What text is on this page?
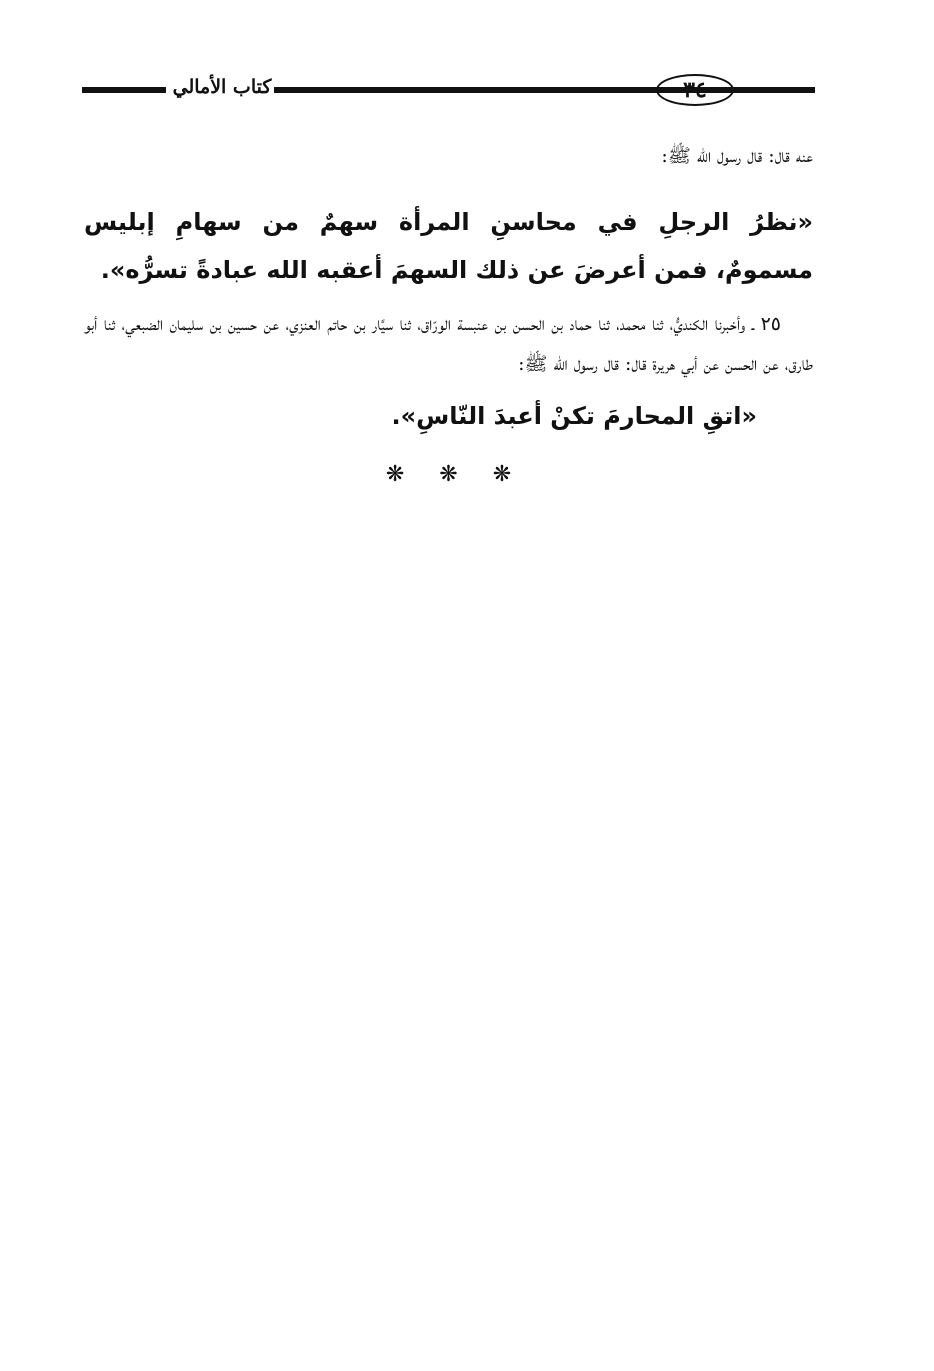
كتاب الأمالي	٣٤

عنه قال: قال رسول الله ﷺ:

«نظرُ الرجلِ في محاسنِ المرأة سهمٌ من سهامِ إبليس مسمومٌ، فمن أعرضَ عن ذلك السهمَ أعقبه الله عبادةً تسرُّه».

٢٥ ـ وأخبرنا الكنديُّ، ثنا محمد، ثنا حماد بن الحسن بن عنبسة الورّاق، ثنا سيَّار بن حاتم العنزي، عن حسين بن سليمان الضبعي، ثنا أبو طارق، عن الحسن عن أبي هريرة قال: قال رسول الله ﷺ:

«اتقِ المحارمَ تكنْ أعبدَ النّاسِ».

❋ ❋ ❋
